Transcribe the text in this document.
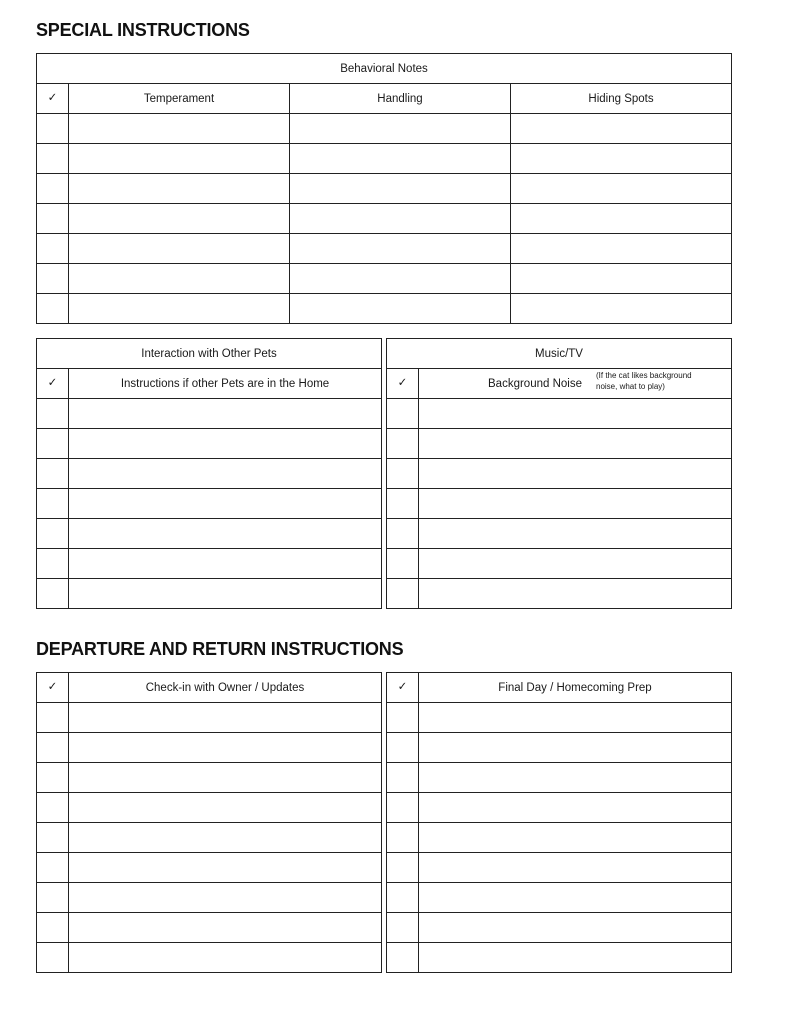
SPECIAL INSTRUCTIONS
Behavioral Notes			
✓	Temperament	Handling	Hiding Spots

Interaction with Other Pets	
✓	Instructions if other Pets are in the Home

Music/TV	
✓	Background Noise(If the cat likes background noise, what to play)

DEPARTURE AND RETURN INSTRUCTIONS
✓	Check-in with Owner / Updates

		✓	Final Day / Homecoming Prep
